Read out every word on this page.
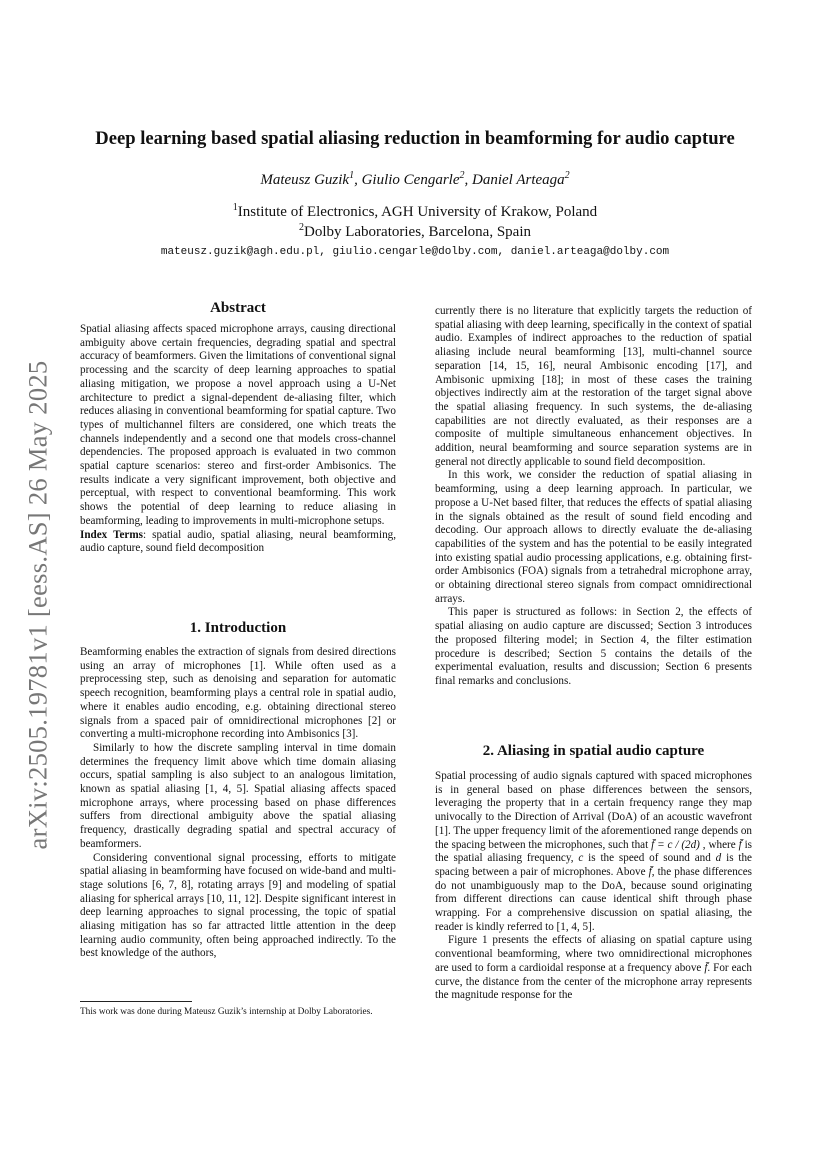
arXiv:2505.19781v1 [eess.AS] 26 May 2025
Deep learning based spatial aliasing reduction in beamforming for audio capture
Mateusz Guzik$^1$, Giulio Cengarle$^2$, Daniel Arteaga$^2$
$^1$Institute of Electronics, AGH University of Krakow, Poland
$^2$Dolby Laboratories, Barcelona, Spain
mateusz.guzik@agh.edu.pl, giulio.cengarle@dolby.com, daniel.arteaga@dolby.com
Abstract

Spatial aliasing affects spaced microphone arrays, causing directional ambiguity above certain frequencies, degrading spatial and spectral accuracy of beamformers. Given the limitations of conventional signal processing and the scarcity of deep learning approaches to spatial aliasing mitigation, we propose a novel approach using a U-Net architecture to predict a signal-dependent de-aliasing filter, which reduces aliasing in conventional beamforming for spatial capture. Two types of multichannel filters are considered, one which treats the channels independently and a second one that models cross-channel dependencies. The proposed approach is evaluated in two common spatial capture scenarios: stereo and first-order Ambisonics. The results indicate a very significant improvement, both objective and perceptual, with respect to conventional beamforming. This work shows the potential of deep learning to reduce aliasing in beamforming, leading to improvements in multi-microphone setups.

Index Terms: spatial audio, spatial aliasing, neural beamforming, audio capture, sound field decomposition

1. Introduction

Beamforming enables the extraction of signals from desired directions using an array of microphones [1]. While often used as a preprocessing step, such as denoising and separation for automatic speech recognition, beamforming plays a central role in spatial audio, where it enables audio encoding, e.g. obtaining directional stereo signals from a spaced pair of omnidirectional microphones [2] or converting a multi-microphone recording into Ambisonics [3].

Similarly to how the discrete sampling interval in time domain determines the frequency limit above which time domain aliasing occurs, spatial sampling is also subject to an analogous limitation, known as spatial aliasing [1, 4, 5]. Spatial aliasing affects spaced microphone arrays, where processing based on phase differences suffers from directional ambiguity above the spatial aliasing frequency, drastically degrading spatial and spectral accuracy of beamformers.

Considering conventional signal processing, efforts to mitigate spatial aliasing in beamforming have focused on wide-band and multi-stage solutions [6, 7, 8], rotating arrays [9] and modeling of spatial aliasing for spherical arrays [10, 11, 12]. Despite significant interest in deep learning approaches to signal processing, the topic of spatial aliasing mitigation has so far attracted little attention in the deep learning audio community, often being approached indirectly. To the best knowledge of the authors,

This work was done during Mateusz Guzik’s internship at Dolby Laboratories.

currently there is no literature that explicitly targets the reduction of spatial aliasing with deep learning, specifically in the context of spatial audio. Examples of indirect approaches to the reduction of spatial aliasing include neural beamforming [13], multi-channel source separation [14, 15, 16], neural Ambisonic encoding [17], and Ambisonic upmixing [18]; in most of these cases the training objectives indirectly aim at the restoration of the target signal above the spatial aliasing frequency. In such systems, the de-aliasing capabilities are not directly evaluated, as their responses are a composite of multiple simultaneous enhancement objectives. In addition, neural beamforming and source separation systems are in general not directly applicable to sound field decomposition.

In this work, we consider the reduction of spatial aliasing in beamforming, using a deep learning approach. In particular, we propose a U-Net based filter, that reduces the effects of spatial aliasing in the signals obtained as the result of sound field encoding and decoding. Our approach allows to directly evaluate the de-aliasing capabilities of the system and has the potential to be easily integrated into existing spatial audio processing applications, e.g. obtaining first-order Ambisonics (FOA) signals from a tetrahedral microphone array, or obtaining directional stereo signals from compact omnidirectional arrays.

This paper is structured as follows: in Section 2, the effects of spatial aliasing on audio capture are discussed; Section 3 introduces the proposed filtering model; in Section 4, the filter estimation procedure is described; Section 5 contains the details of the experimental evaluation, results and discussion; Section 6 presents final remarks and conclusions.

2. Aliasing in spatial audio capture

Spatial processing of audio signals captured with spaced microphones is in general based on phase differences between the sensors, leveraging the property that in a certain frequency range they map univocally to the Direction of Arrival (DoA) of an acoustic wavefront [1]. The upper frequency limit of the aforementioned range depends on the spacing between the microphones, such that f̄ = c / (2d) , where f̄ is the spatial aliasing frequency, c is the speed of sound and d is the spacing between a pair of microphones. Above f̄, the phase differences do not unambiguously map to the DoA, because sound originating from different directions can cause identical shift through phase wrapping. For a comprehensive discussion on spatial aliasing, the reader is kindly referred to [1, 4, 5].

Figure 1 presents the effects of aliasing on spatial capture using conventional beamforming, where two omnidirectional microphones are used to form a cardioidal response at a frequency above f̄. For each curve, the distance from the center of the microphone array represents the magnitude response for the
